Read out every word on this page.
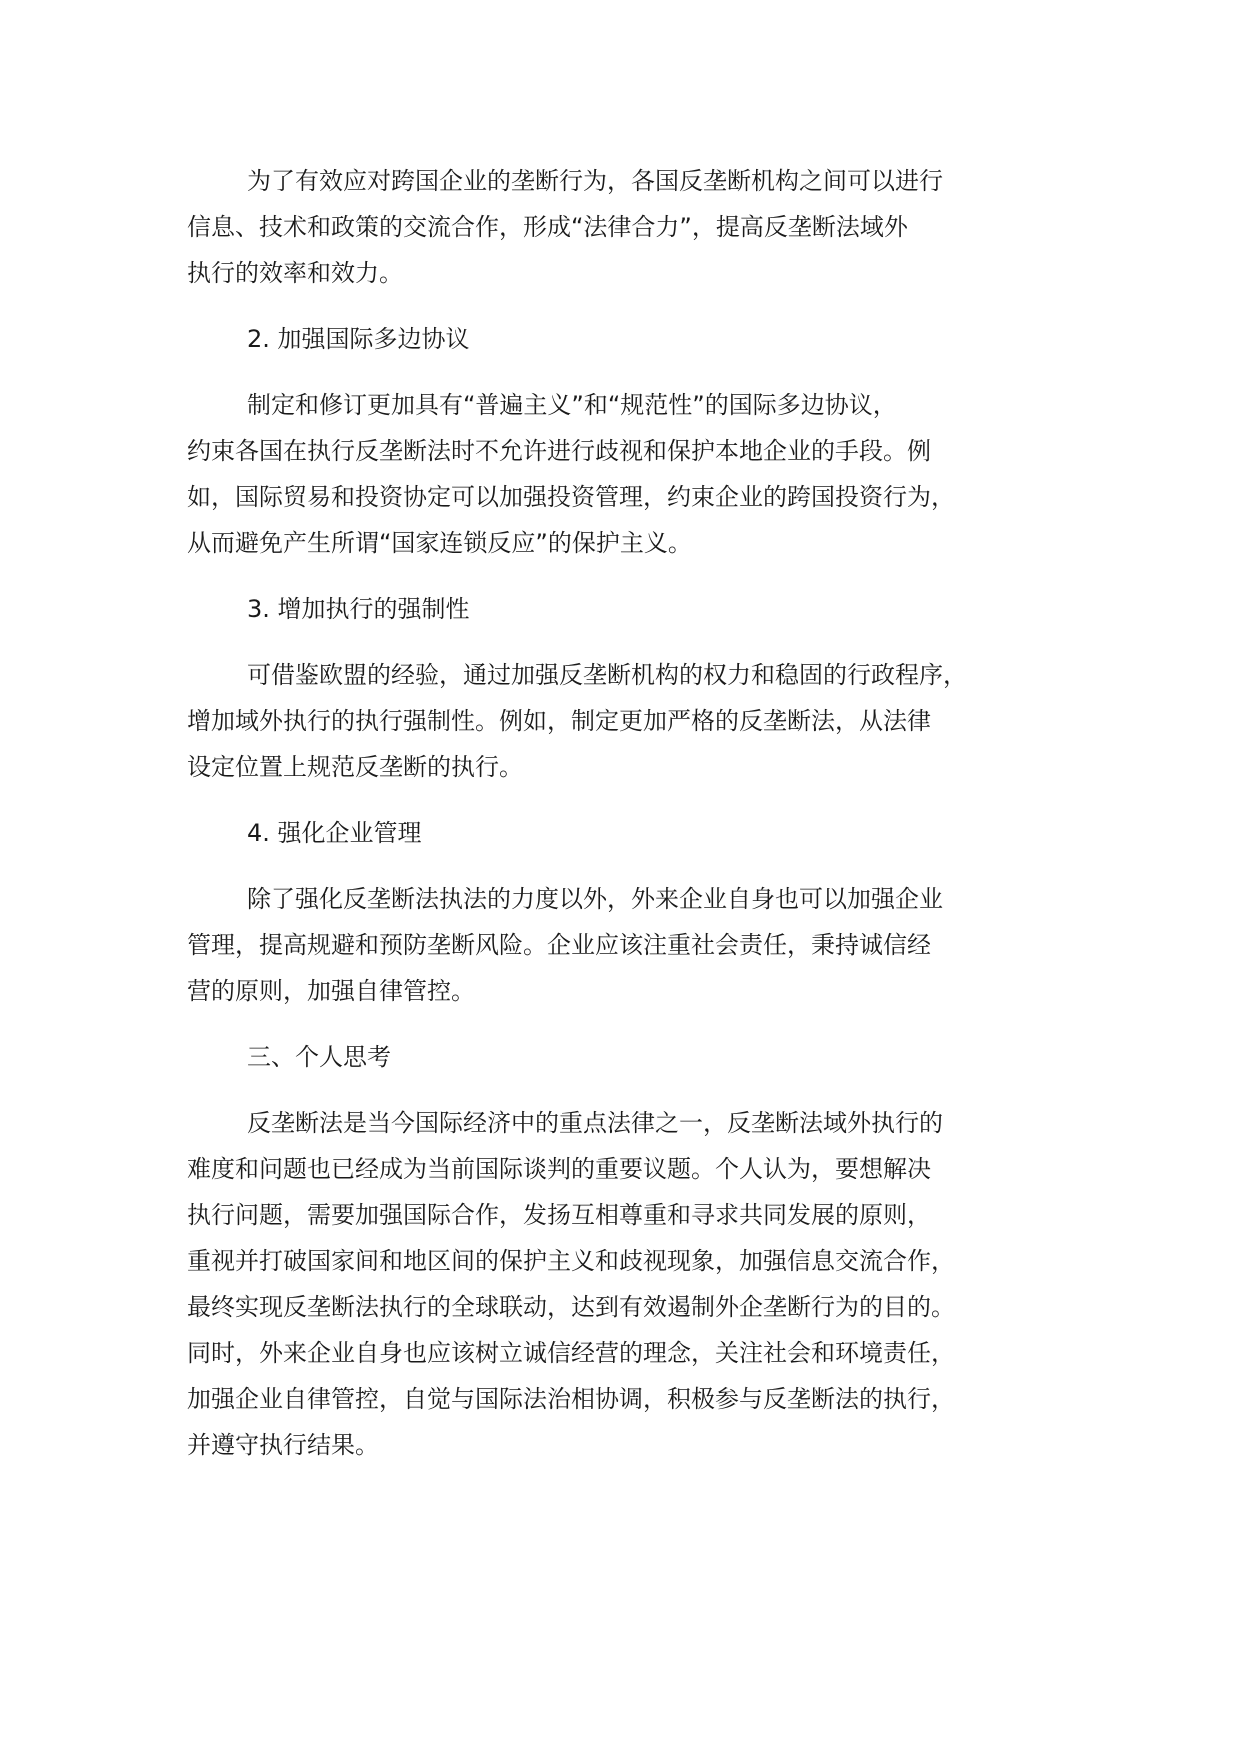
为了有效应对跨国企业的垄断行为，各国反垄断机构之间可以进行
信息、技术和政策的交流合作，形成“法律合力”，提高反垄断法域外
执行的效率和效力。

2. 加强国际多边协议

制定和修订更加具有“普遍主义”和“规范性”的国际多边协议，
约束各国在执行反垄断法时不允许进行歧视和保护本地企业的手段。例
如，国际贸易和投资协定可以加强投资管理，约束企业的跨国投资行为，
从而避免产生所谓“国家连锁反应”的保护主义。

3. 增加执行的强制性

可借鉴欧盟的经验，通过加强反垄断机构的权力和稳固的行政程序，
增加域外执行的执行强制性。例如，制定更加严格的反垄断法，从法律
设定位置上规范反垄断的执行。

4. 强化企业管理

除了强化反垄断法执法的力度以外，外来企业自身也可以加强企业
管理，提高规避和预防垄断风险。企业应该注重社会责任，秉持诚信经
营的原则，加强自律管控。

三、个人思考

反垄断法是当今国际经济中的重点法律之一，反垄断法域外执行的
难度和问题也已经成为当前国际谈判的重要议题。个人认为，要想解决
执行问题，需要加强国际合作，发扬互相尊重和寻求共同发展的原则，
重视并打破国家间和地区间的保护主义和歧视现象，加强信息交流合作，
最终实现反垄断法执行的全球联动，达到有效遏制外企垄断行为的目的。
同时，外来企业自身也应该树立诚信经营的理念，关注社会和环境责任，
加强企业自律管控，自觉与国际法治相协调，积极参与反垄断法的执行，
并遵守执行结果。
